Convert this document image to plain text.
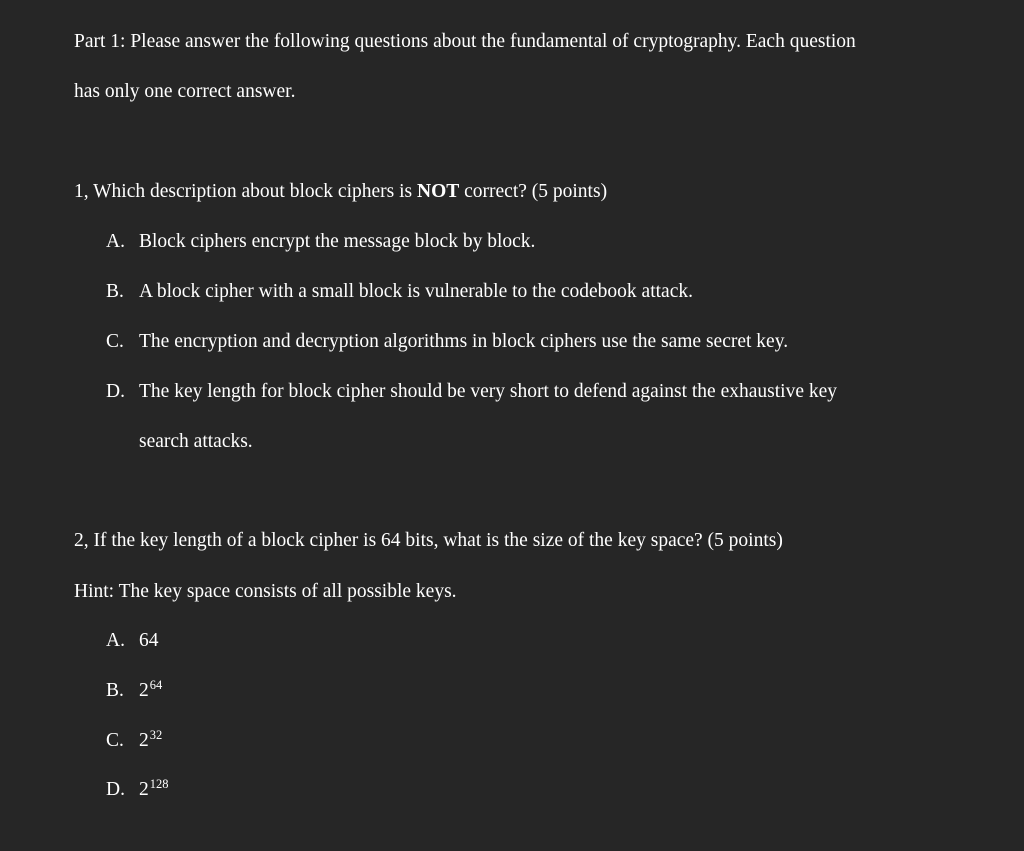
Part 1: Please answer the following questions about the fundamental of cryptography. Each question
has only one correct answer.
1, Which description about block ciphers is NOT correct? (5 points)
A. Block ciphers encrypt the message block by block.
B. A block cipher with a small block is vulnerable to the codebook attack.
C. The encryption and decryption algorithms in block ciphers use the same secret key.
D. The key length for block cipher should be very short to defend against the exhaustive key
search attacks.
2, If the key length of a block cipher is 64 bits, what is the size of the key space? (5 points)
Hint: The key space consists of all possible keys.
A. 64
B. $2^{64}$
C. $2^{32}$
D. $2^{128}$
